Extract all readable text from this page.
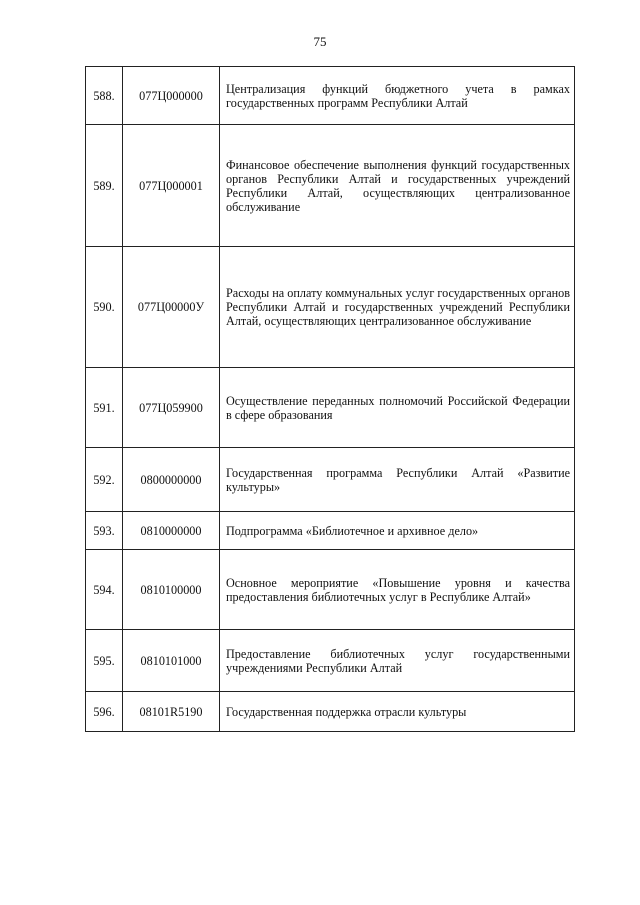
75
588.	077Ц000000	Централизация функций бюджетного учета в рамках государственных программ Республики Алтай

589.	077Ц000001	Финансовое обеспечение выполнения функций государственных органов Республики Алтай и государственных учреждений Республики Алтай, осуществляющих централизованное обслуживание

590.	077Ц00000У	Расходы на оплату коммунальных услуг государственных органов Республики Алтай и государственных учреждений Республики Алтай, осуществляющих централизованное обслуживание

591.	077Ц059900	Осуществление переданных полномочий Российской Федерации в сфере образования

592.	0800000000	Государственная программа Республики Алтай «Развитие культуры»

593.	0810000000	Подпрограмма «Библиотечное и архивное дело»

594.	0810100000	Основное мероприятие «Повышение уровня и качества предоставления библиотечных услуг в Республике Алтай»

595.	0810101000	Предоставление библиотечных услуг государственными учреждениями Республики Алтай

596.	08101R5190	Государственная поддержка отрасли культуры
